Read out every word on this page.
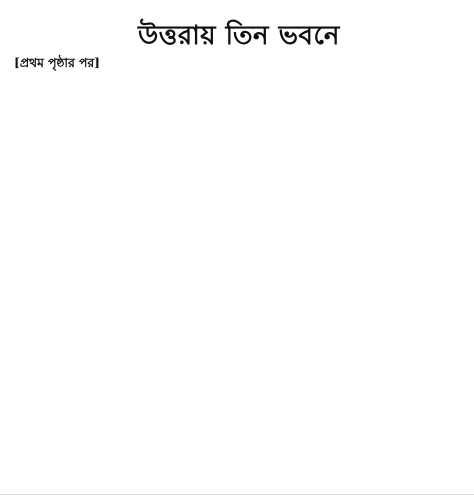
উত্তরায় তিন ভবনে

[প্রথম পৃষ্ঠার পর]
